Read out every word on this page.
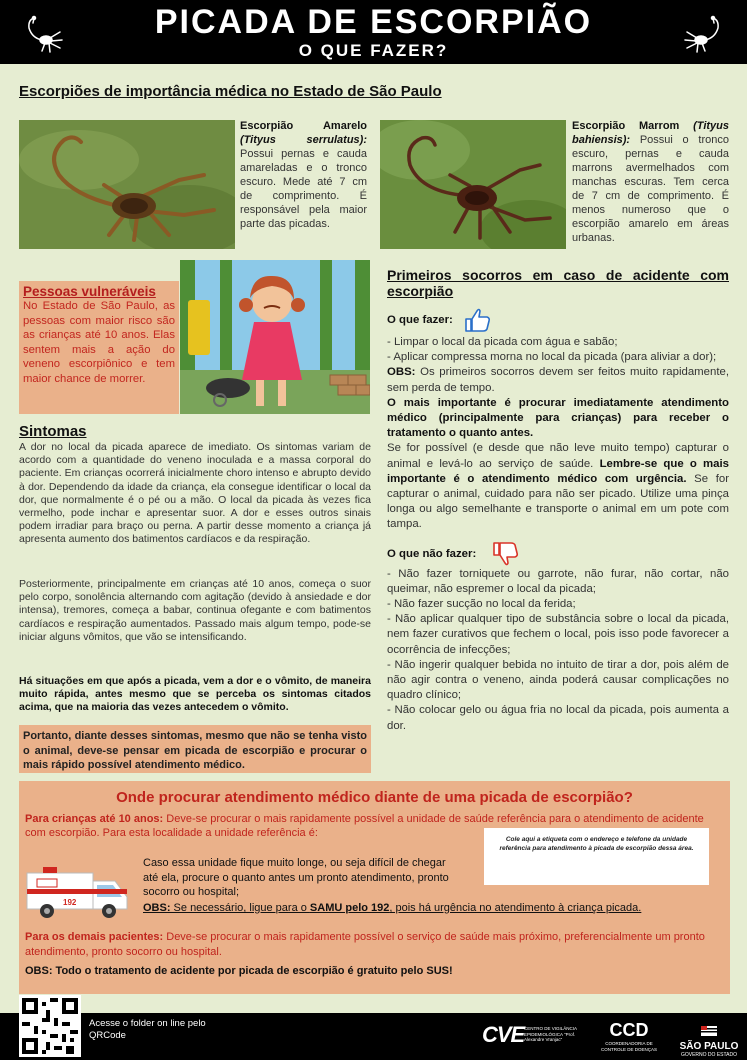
PICADA DE ESCORPIÃO
O QUE FAZER?
Escorpiões de importância médica no Estado de São Paulo
Escorpião Amarelo (Tityus serrulatus): Possui pernas e cauda amareladas e o tronco escuro. Mede até 7 cm de comprimento. É responsável pela maior parte das picadas.
Escorpião Marrom (Tityus bahiensis): Possui o tronco escuro, pernas e cauda marrons avermelhados com manchas escuras. Tem cerca de 7 cm de comprimento. É menos numeroso que o escorpião amarelo em áreas urbanas.
Pessoas vulneráveis
No Estado de São Paulo, as pessoas com maior risco são as crianças até 10 anos. Elas sentem mais a ação do veneno escorpiônico e tem maior chance de morrer.
Sintomas
A dor no local da picada aparece de imediato. Os sintomas variam de acordo com a quantidade do veneno inoculada e a massa corporal do paciente. Em crianças ocorrerá inicialmente choro intenso e abrupto devido à dor. Dependendo da idade da criança, ela consegue identificar o local da dor, que normalmente é o pé ou a mão. O local da picada às vezes fica vermelho, pode inchar e apresentar suor. A dor e esses outros sinais podem irradiar para braço ou perna. A partir desse momento a criança já apresenta aumento dos batimentos cardíacos e da respiração.
Posteriormente, principalmente em crianças até 10 anos, começa o suor pelo corpo, sonolência alternando com agitação (devido à ansiedade e dor intensa), tremores, começa a babar, continua ofegante e com batimentos cardíacos e respiração aumentados. Passado mais algum tempo, pode-se iniciar alguns vômitos, que vão se intensificando.
Há situações em que após a picada, vem a dor e o vômito, de maneira muito rápida, antes mesmo que se perceba os sintomas citados acima, que na maioria das vezes antecedem o vômito.
Portanto, diante desses sintomas, mesmo que não se tenha visto o animal, deve-se pensar em picada de escorpião e procurar o mais rápido possível atendimento médico.
Primeiros socorros em caso de acidente com escorpião
O que fazer:

- Limpar o local da picada com água e sabão;

- Aplicar compressa morna no local da picada (para aliviar a dor);

OBS: Os primeiros socorros devem ser feitos muito rapidamente, sem perda de tempo.

O mais importante é procurar imediatamente atendimento médico (principalmente para crianças) para receber o tratamento o quanto antes.

Se for possível (e desde que não leve muito tempo) capturar o animal e levá-lo ao serviço de saúde. Lembre-se que o mais importante é o atendimento médico com urgência. Se for capturar o animal, cuidado para não ser picado. Utilize uma pinça longa ou algo semelhante e transporte o animal em um pote com tampa.

O que não fazer:

- Não fazer torniquete ou garrote, não furar, não cortar, não queimar, não espremer o local da picada;

- Não fazer sucção no local da ferida;

- Não aplicar qualquer tipo de substância sobre o local da picada, nem fazer curativos que fechem o local, pois isso pode favorecer a ocorrência de infecções;

- Não ingerir qualquer bebida no intuito de tirar a dor, pois além de não agir contra o veneno, ainda poderá causar complicações no quadro clínico;

- Não colocar gelo ou água fria no local da picada, pois aumenta a dor.

Onde procurar atendimento médico diante de uma picada de escorpião?
Para crianças até 10 anos: Deve-se procurar o mais rapidamente possível a unidade de saúde referência para o atendimento de acidente com escorpião. Para esta localidade a unidade referência é:
Cole aqui a etiqueta com o endereço e telefone da unidade referência para atendimento à picada de escorpião dessa área.
192
Caso essa unidade fique muito longe, ou seja difícil de chegar até ela, procure o quanto antes um pronto atendimento, pronto socorro ou hospital;
OBS: Se necessário, ligue para o SAMU pelo 192, pois há urgência no atendimento à criança picada.
Para os demais pacientes: Deve-se procurar o mais rapidamente possível o serviço de saúde mais próximo, preferencialmente um pronto atendimento, pronto socorro ou hospital.
OBS: Todo o tratamento de acidente por picada de escorpião é gratuito pelo SUS!
Acesse o folder on line pelo QRCode	CVE CENTRO DE VIGILÂNCIA EPIDEMIOLÓGICA "Prof. Alexandre Vranjac"	CCD
COORDENADORIA DE CONTROLE DE DOENÇAS	SÃO PAULO
GOVERNO DO ESTADO
